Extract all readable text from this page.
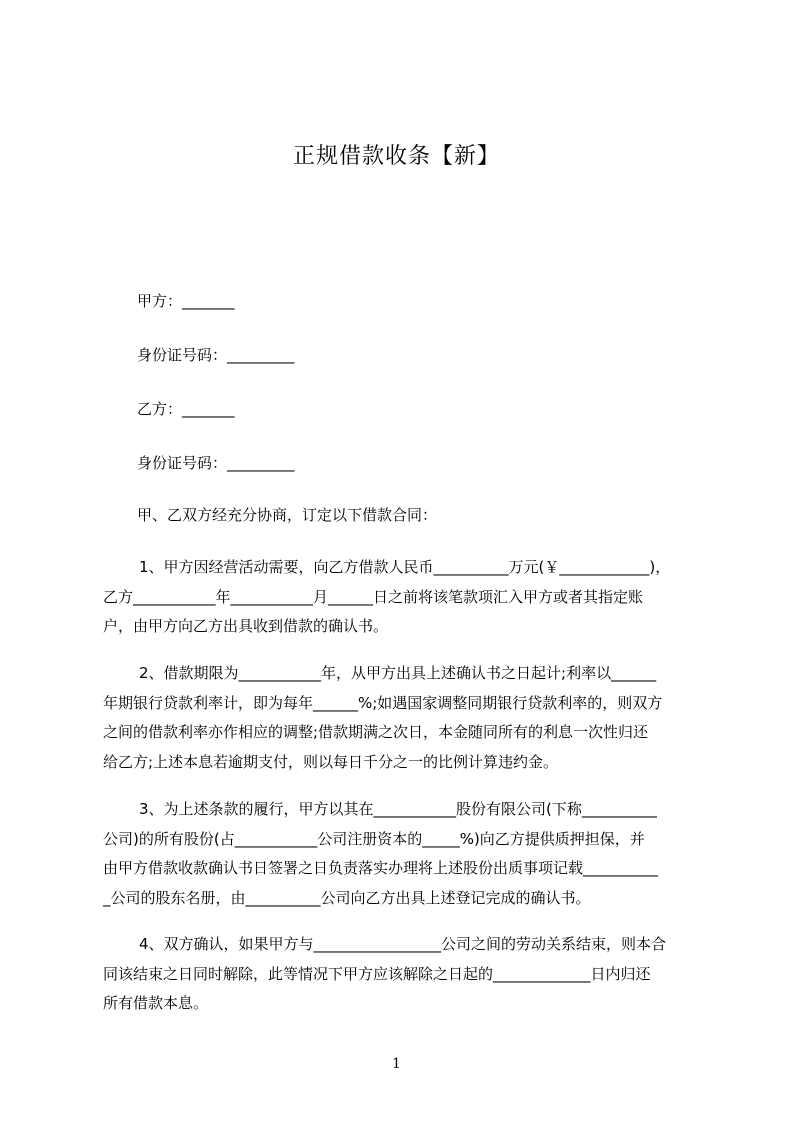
正规借款收条【新】
甲方：_______
身份证号码：_________
乙方：_______
身份证号码：_________
甲、乙双方经充分协商，订定以下借款合同：
1、甲方因经营活动需要，向乙方借款人民币__________万元(￥____________)，
乙方___________年___________月______日之前将该笔款项汇入甲方或者其指定账
户，由甲方向乙方出具收到借款的确认书。
2、借款期限为___________年，从甲方出具上述确认书之日起计;利率以______
年期银行贷款利率计，即为每年______%;如遇国家调整同期银行贷款利率的，则双方
之间的借款利率亦作相应的调整;借款期满之次日，本金随同所有的利息一次性归还
给乙方;上述本息若逾期支付，则以每日千分之一的比例计算违约金。
3、为上述条款的履行，甲方以其在___________股份有限公司(下称__________
公司)的所有股份(占___________公司注册资本的_____%)向乙方提供质押担保，并
由甲方借款收款确认书日签署之日负责落实办理将上述股份出质事项记载__________
_公司的股东名册，由__________公司向乙方出具上述登记完成的确认书。
4、双方确认，如果甲方与_________________公司之间的劳动关系结束，则本合
同该结束之日同时解除，此等情况下甲方应该解除之日起的_____________日内归还
所有借款本息。
1
